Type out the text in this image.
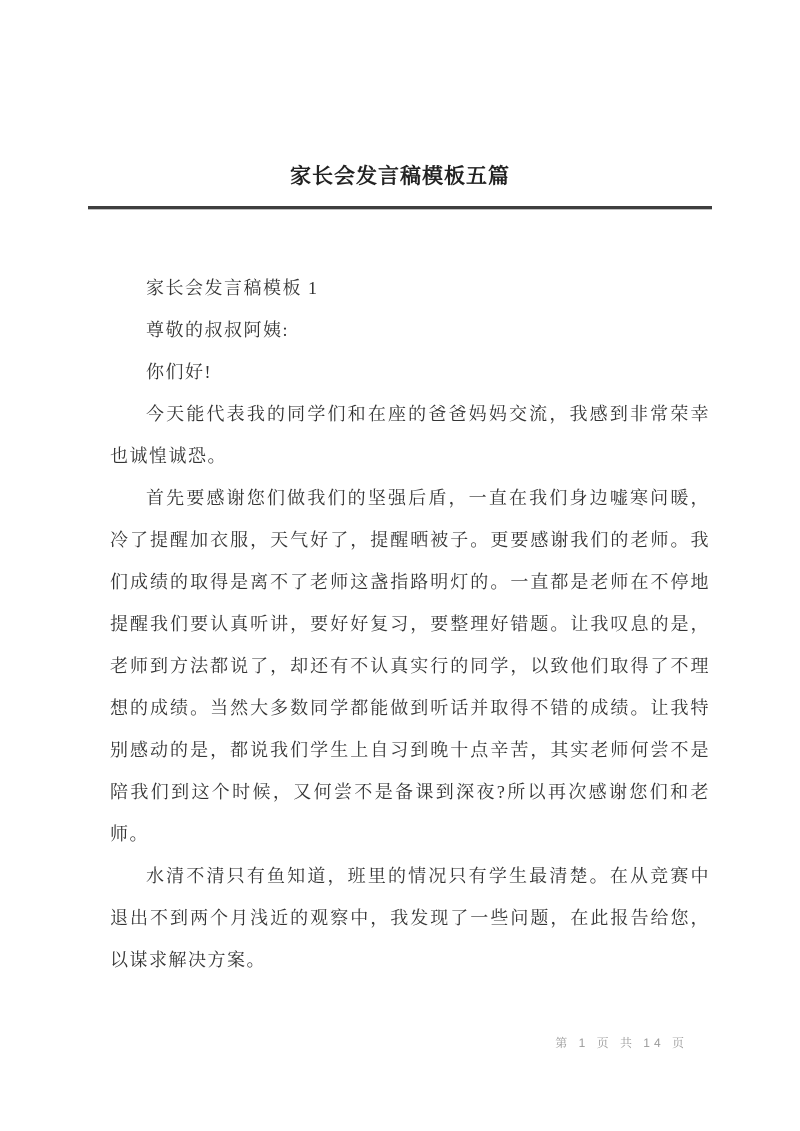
家长会发言稿模板五篇

家长会发言稿模板 1

尊敬的叔叔阿姨:

你们好!

今天能代表我的同学们和在座的爸爸妈妈交流，我感到非常荣幸也诚惶诚恐。

首先要感谢您们做我们的坚强后盾，一直在我们身边嘘寒问暖，冷了提醒加衣服，天气好了，提醒晒被子。更要感谢我们的老师。我们成绩的取得是离不了老师这盏指路明灯的。一直都是老师在不停地提醒我们要认真听讲，要好好复习，要整理好错题。让我叹息的是，老师到方法都说了，却还有不认真实行的同学，以致他们取得了不理想的成绩。当然大多数同学都能做到听话并取得不错的成绩。让我特别感动的是，都说我们学生上自习到晚十点辛苦，其实老师何尝不是陪我们到这个时候，又何尝不是备课到深夜?所以再次感谢您们和老师。

水清不清只有鱼知道，班里的情况只有学生最清楚。在从竞赛中退出不到两个月浅近的观察中，我发现了一些问题，在此报告给您，以谋求解决方案。

第 1 页 共 14 页
